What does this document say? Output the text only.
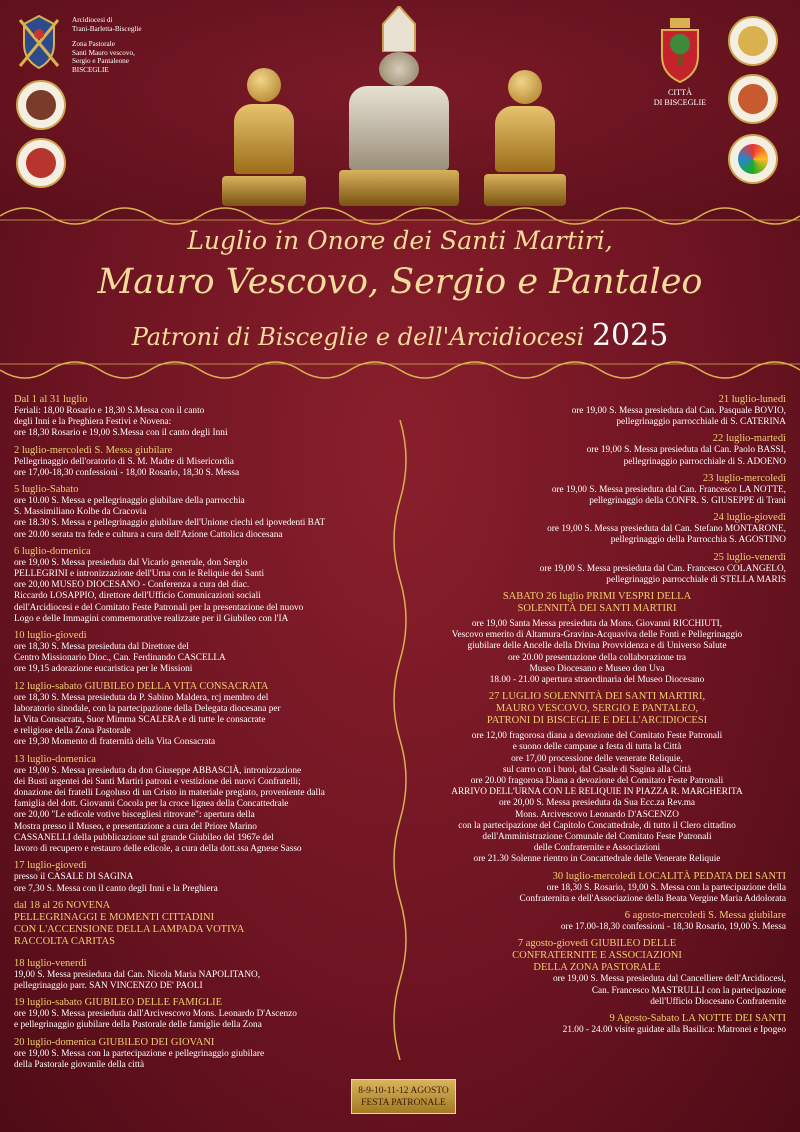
Arcidiocesi di
Trani-Barletta-Bisceglie
Zona Pastorale
Santi Mauro vescovo,
Sergio e Pantaleone
BISCEGLIE
CITTÀ
DI BISCEGLIE
Luglio in Onore dei Santi Martiri,
Mauro Vescovo, Sergio e Pantaleo
Patroni di Bisceglie e dell'Arcidiocesi 2025
Dal 1 al 31 luglio
Feriali: 18,00 Rosario e 18,30 S.Messa con il canto
degli Inni e la Preghiera Festivi e Novena:
ore 18,30 Rosario e 19,00 S.Messa con il canto degli Inni
2 luglio-mercoledì S. Messa giubilare
Pellegrinaggio dell'oratorio di S. M. Madre di Misericordia
ore 17,00-18,30 confessioni - 18,00 Rosario, 18,30 S. Messa
5 luglio-Sabato
ore 10.00 S. Messa e pellegrinaggio giubilare della parrocchia
S. Massimiliano Kolbe da Cracovia
ore 18.30 S. Messa e pellegrinaggio giubilare dell'Unione ciechi ed ipovedenti BAT
ore 20.00 serata tra fede e cultura a cura dell'Azione Cattolica diocesana
6 luglio-domenica
ore 19,00 S. Messa presieduta dal Vicario generale, don Sergio
PELLEGRINI e intronizzazione dell'Urna con le Reliquie dei Santi
ore 20,00 MUSEO DIOCESANO - Conferenza a cura del diac.
Riccardo LOSAPPIO, direttore dell'Ufficio Comunicazioni sociali
dell'Arcidiocesi e del Comitato Feste Patronali per la presentazione del nuovo
Logo e delle Immagini commemorative realizzate per il Giubileo con l'IA
10 luglio-giovedì
ore 18,30 S. Messa presieduta dal Direttore del
Centro Missionario Dioc., Can. Ferdinando CASCELLA
ore 19,15 adorazione eucaristica per le Missioni
12 luglio-sabato GIUBILEO DELLA VITA CONSACRATA
ore 18,30 S. Messa presieduta da P. Sabino Maldera, rcj membro del
laboratorio sinodale, con la partecipazione della Delegata diocesana per
la Vita Consacrata, Suor Mimma SCALERA e di tutte le consacrate
e religiose della Zona Pastorale
ore 19,30 Momento di fraternità della Vita Consacrata
13 luglio-domenica
ore 19,00 S. Messa presieduta da don Giuseppe ABBASCIÀ, intronizzazione
dei Busti argentei dei Santi Martiri patroni e vestizione dei nuovi Confratelli;
donazione dei fratelli Logoluso di un Cristo in materiale pregiato, proveniente dalla
famiglia del dott. Giovanni Cocola per la croce lignea della Concattedrale
ore 20,00 "Le edicole votive biscegliesi ritrovate": apertura della
Mostra presso il Museo, e presentazione a cura del Priore Marino
CASSANELLI della pubblicazione sul grande Giubileo del 1967e del
lavoro di recupero e restauro delle edicole, a cura della dott.ssa Agnese Sasso
17 luglio-giovedì
presso il CASALE DI SAGINA
ore 7,30 S. Messa con il canto degli Inni e la Preghiera
dal 18 al 26 NOVENA
PELLEGRINAGGI E MOMENTI CITTADINI
CON L'ACCENSIONE DELLA LAMPADA VOTIVA
RACCOLTA CARITAS
18 luglio-venerdì
19,00 S. Messa presieduta dal Can. Nicola Maria NAPOLITANO,
pellegrinaggio parr. SAN VINCENZO DE' PAOLI
19 luglio-sabato GIUBILEO DELLE FAMIGLIE
ore 19,00 S. Messa presieduta dall'Arcivescovo Mons. Leonardo D'Ascenzo
e pellegrinaggio giubilare della Pastorale delle famiglie della Zona
20 luglio-domenica GIUBILEO DEI GIOVANI
ore 19,00 S. Messa con la partecipazione e pellegrinaggio giubilare
della Pastorale giovanile della città
21 luglio-lunedì
ore 19,00 S. Messa presieduta dal Can. Pasquale BOVIO,
pellegrinaggio parrocchiale di S. CATERINA
22 luglio-martedì
ore 19,00 S. Messa presieduta dal Can. Paolo BASSI,
pellegrinaggio parrocchiale di S. ADOENO
23 luglio-mercoledì
ore 19,00 S. Messa presieduta dal Can. Francesco LA NOTTE,
pellegrinaggio della CONFR. S. GIUSEPPE di Trani
24 luglio-giovedì
ore 19,00 S. Messa presieduta dal Can. Stefano MONTARONE,
pellegrinaggio della Parrocchia S. AGOSTINO
25 luglio-venerdì
ore 19,00 S. Messa presieduta dal Can. Francesco COLANGELO,
pellegrinaggio parrocchiale di STELLA MARIS
SABATO 26 luglio PRIMI VESPRI DELLA
SOLENNITÀ DEI SANTI MARTIRI
ore 19,00 Santa Messa presieduta da Mons. Giovanni RICCHIUTI,
Vescovo emerito di Altamura-Gravina-Acquaviva delle Fonti e Pellegrinaggio
giubilare delle Ancelle della Divina Provvidenza e di Universo Salute
ore 20.00 presentazione della collaborazione tra
Museo Diocesano e Museo don Uva
18.00 - 21.00 apertura straordinaria del Museo Diocesano
27 LUGLIO SOLENNITÀ DEI SANTI MARTIRI,
MAURO VESCOVO, SERGIO E PANTALEO,
PATRONI DI BISCEGLIE E DELL'ARCIDIOCESI
ore 12,00 fragorosa diana a devozione del Comitato Feste Patronali
e suono delle campane a festa di tutta la Città
ore 17,00 processione delle venerate Reliquie,
sul carro con i buoi, dal Casale di Sagina alla Città
ore 20.00 fragorosa Diana a devozione del Comitato Feste Patronali
ARRIVO DELL'URNA CON LE RELIQUIE IN PIAZZA R. MARGHERITA
ore 20,00 S. Messa presieduta da Sua Ecc.za Rev.ma
Mons. Arcivescovo Leonardo D'ASCENZO
con la partecipazione del Capitolo Concattedrale, di tutto il Clero cittadino
dell'Amministrazione Comunale del Comitato Feste Patronali
delle Confraternite e Associazioni
ore 21.30 Solenne rientro in Concattedrale delle Venerate Reliquie
30 luglio-mercoledì LOCALITÀ PEDATA DEI SANTI
ore 18,30 S. Rosario, 19,00 S. Messa con la partecipazione della
Confraternita e dell'Associazione della Beata Vergine Maria Addolorata
6 agosto-mercoledì S. Messa giubilare
ore 17.00-18,30 confessioni - 18,30 Rosario, 19,00 S. Messa
7 agosto-giovedì GIUBILEO DELLE
CONFRATERNITE E ASSOCIAZIONI
DELLA ZONA PASTORALE
ore 19,00 S. Messa presieduta dal Cancelliere dell'Arcidiocesi,
Can. Francesco MASTRULLI con la partecipazione
dell'Ufficio Diocesano Confraternite
9 Agosto-Sabato LA NOTTE DEI SANTI
21.00 - 24.00 visite guidate alla Basilica: Matronei e Ipogeo
8-9-10-11-12 AGOSTO
FESTA PATRONALE
